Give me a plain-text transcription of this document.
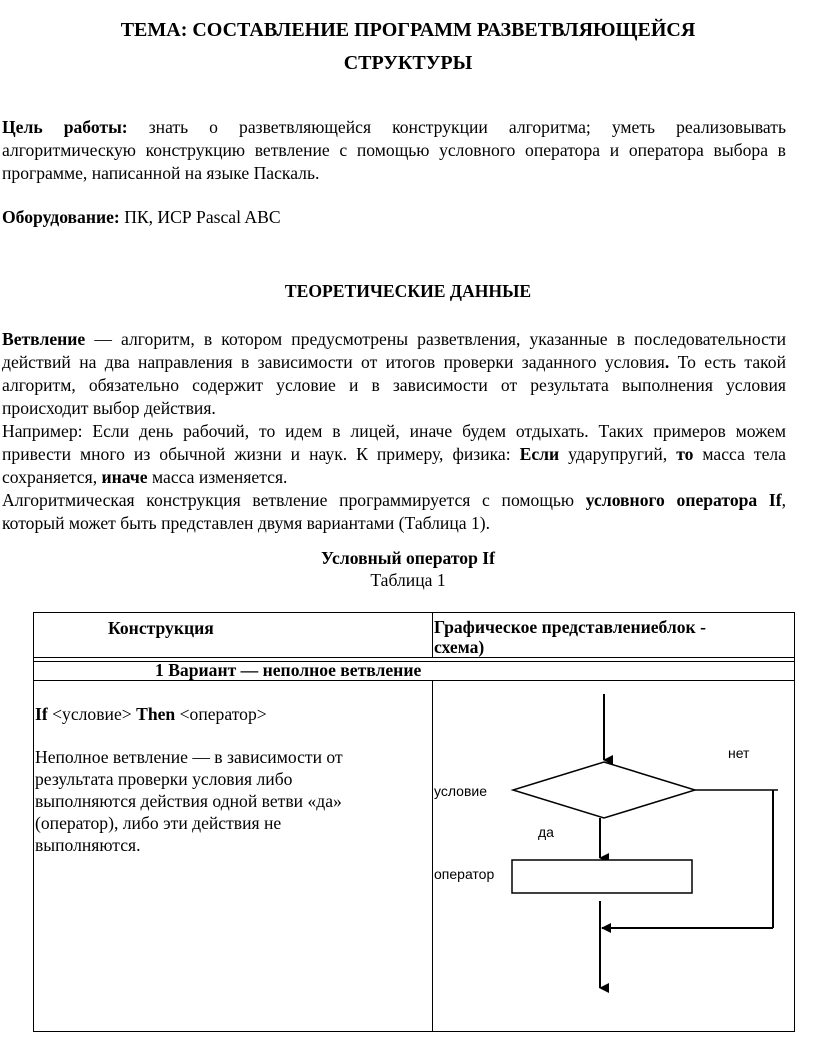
ТЕМА: СОСТАВЛЕНИЕ ПРОГРАММ РАЗВЕТВЛЯЮЩЕЙСЯ
СТРУКТУРЫ
Цель работы: знать о разветвляющейся конструкции алгоритма; уметь реализовывать алгоритмическую конструкцию ветвление с помощью условного оператора и оператора выбора в программе, написанной на языке Паскаль.
Оборудование: ПК, ИСР Pascal ABC
ТЕОРЕТИЧЕСКИЕ ДАННЫЕ
Ветвление — алгоритм, в котором предусмотрены разветвления, указанные в последовательности действий на два направления в зависимости от итогов проверки заданного условия. То есть такой алгоритм, обязательно содержит условие и в зависимости от результата выполнения условия происходит выбор действия.
Например: Если день рабочий, то идем в лицей, иначе будем отдыхать. Таких примеров можем привести много из обычной жизни и наук. К примеру, физика: Если ударупругий, то масса тела сохраняется, иначе масса изменяется.
Алгоритмическая конструкция ветвление программируется с помощью условного оператора If, который может быть представлен двумя вариантами (Таблица 1).
Условный оператор If
Таблица 1
Конструкция	Графическое представлениеблок -
схема)
1 Вариант — неполное ветвление
If <условие> Then <оператор>
Неполное ветвление — в зависимости от результата проверки условия либо выполняются действия одной ветви «да» (оператор), либо эти действия не выполняются.
нет
условие
да
оператор
